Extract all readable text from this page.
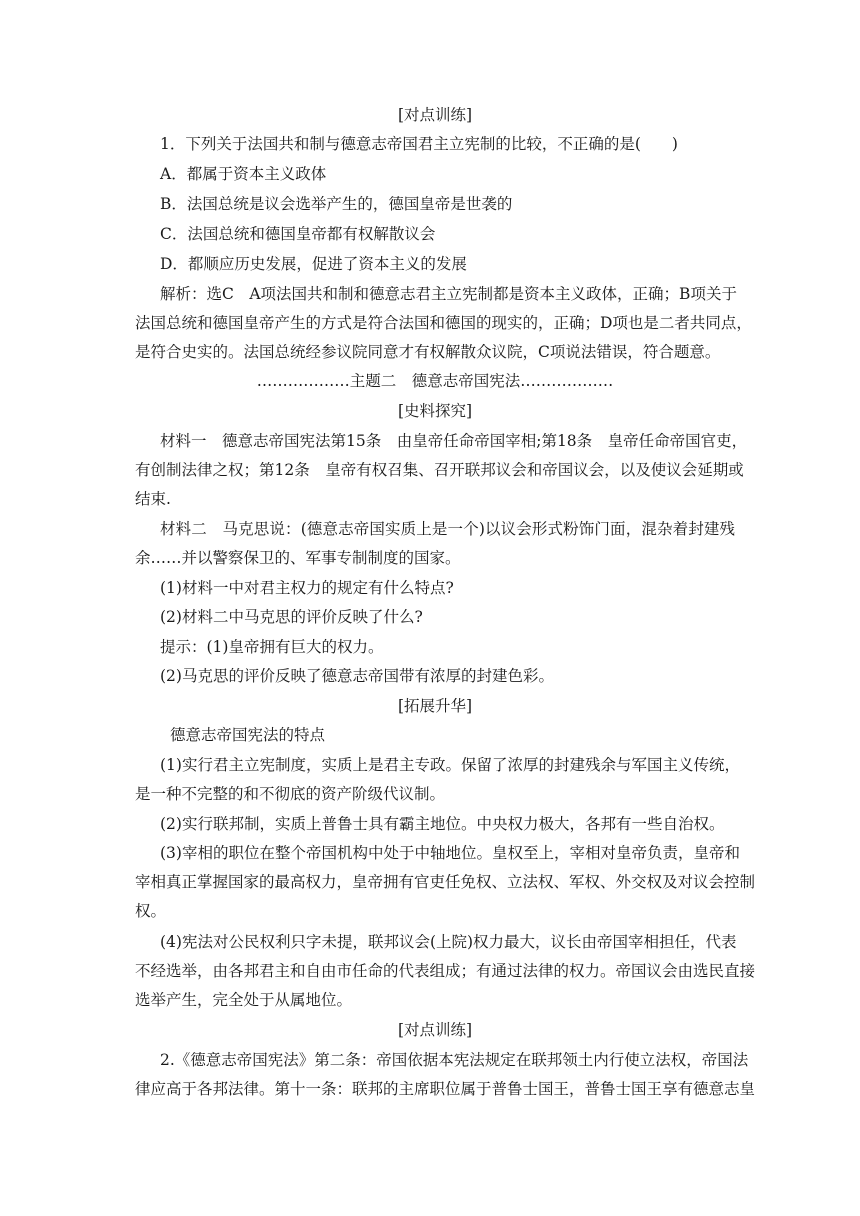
[对点训练]
1．下列关于法国共和制与德意志帝国君主立宪制的比较，不正确的是(　　)
A．都属于资本主义政体
B．法国总统是议会选举产生的，德国皇帝是世袭的
C．法国总统和德国皇帝都有权解散议会
D．都顺应历史发展，促进了资本主义的发展
解析：选C　A项法国共和制和德意志君主立宪制都是资本主义政体，正确；B项关于
法国总统和德国皇帝产生的方式是符合法国和德国的现实的，正确；D项也是二者共同点，
是符合史实的。法国总统经参议院同意才有权解散众议院，C项说法错误，符合题意。
………………主题二　德意志帝国宪法………………
[史料探究]
材料一　德意志帝国宪法第15条　由皇帝任命帝国宰相;第18条　皇帝任命帝国官吏，
有创制法律之权；第12条　皇帝有权召集、召开联邦议会和帝国议会，以及使议会延期或
结束.
材料二　马克思说：(德意志帝国实质上是一个)以议会形式粉饰门面，混杂着封建残
余……并以警察保卫的、军事专制制度的国家。
(1)材料一中对君主权力的规定有什么特点?
(2)材料二中马克思的评价反映了什么?
提示：(1)皇帝拥有巨大的权力。
(2)马克思的评价反映了德意志帝国带有浓厚的封建色彩。
[拓展升华]
德意志帝国宪法的特点
(1)实行君主立宪制度，实质上是君主专政。保留了浓厚的封建残余与军国主义传统，
是一种不完整的和不彻底的资产阶级代议制。
(2)实行联邦制，实质上普鲁士具有霸主地位。中央权力极大，各邦有一些自治权。
(3)宰相的职位在整个帝国机构中处于中轴地位。皇权至上，宰相对皇帝负责，皇帝和
宰相真正掌握国家的最高权力，皇帝拥有官吏任免权、立法权、军权、外交权及对议会控制
权。
(4)宪法对公民权利只字未提，联邦议会(上院)权力最大，议长由帝国宰相担任，代表
不经选举，由各邦君主和自由市任命的代表组成；有通过法律的权力。帝国议会由选民直接
选举产生，完全处于从属地位。
[对点训练]
2.《德意志帝国宪法》第二条：帝国依据本宪法规定在联邦领土内行使立法权，帝国法
律应高于各邦法律。第十一条：联邦的主席职位属于普鲁士国王，普鲁士国王享有德意志皇
